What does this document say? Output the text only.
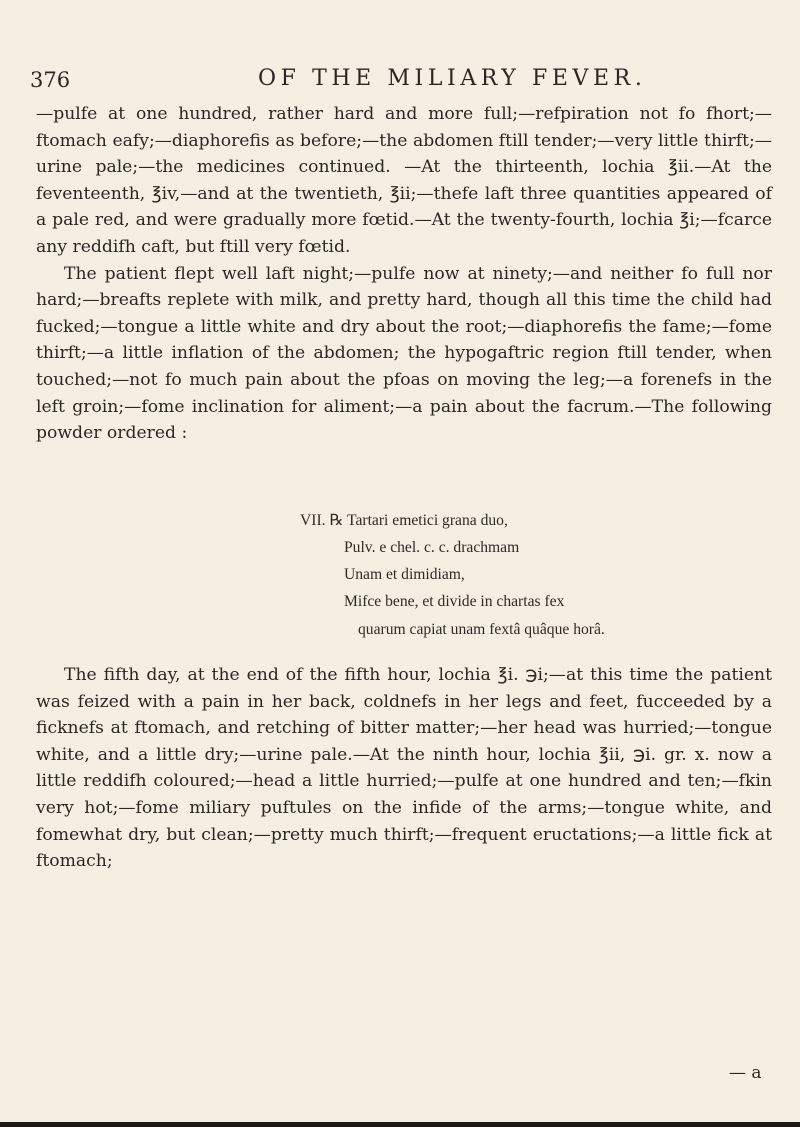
376	OF THE MILIARY FEVER.

—pulfe at one hundred, rather hard and more full;—refpiration not fo fhort;—ftomach eafy;—diaphorefis as before;—the abdomen ftill tender;—very little thirft;—urine pale;—the medicines continued. —At the thirteenth, lochia ℥ii.—At the feventeenth, ℥iv,—and at the twentieth, ℥ii;—thefe laft three quantities appeared of a pale red, and were gradually more fœtid.—At the twenty-fourth, lochia ℥i;—fcarce any reddifh caft, but ftill very fœtid.

The patient flept well laft night;—pulfe now at ninety;—and neither fo full nor hard;—breafts replete with milk, and pretty hard, though all this time the child had fucked;—tongue a little white and dry about the root;—diaphorefis the fame;—fome thirft;—a little inflation of the abdomen; the hypogaftric region ftill tender, when touched;—not fo much pain about the pfoas on moving the leg;—a forenefs in the left groin;—fome inclination for aliment;—a pain about the facrum.—The following powder ordered :

VII. ℞ Tartari emetici grana duo,
Pulv. e chel. c. c. drachmam
Unam et dimidiam,
Mifce bene, et divide in chartas fex
quarum capiat unam fextâ quâque horâ.

The fifth day, at the end of the fifth hour, lochia ℥i. ℈i;—at this time the patient was feized with a pain in her back, coldnefs in her legs and feet, fucceeded by a ficknefs at ftomach, and retching of bitter matter;—her head was hurried;—tongue white, and a little dry;—urine pale.—At the ninth hour, lochia ℥ii, ℈i. gr. x. now a little reddifh coloured;—head a little hurried;—pulfe at one hundred and ten;—fkin very hot;—fome miliary puftules on the infide of the arms;—tongue white, and fomewhat dry, but clean;—pretty much thirft;—frequent eructations;—a little fick at ftomach;

— a
